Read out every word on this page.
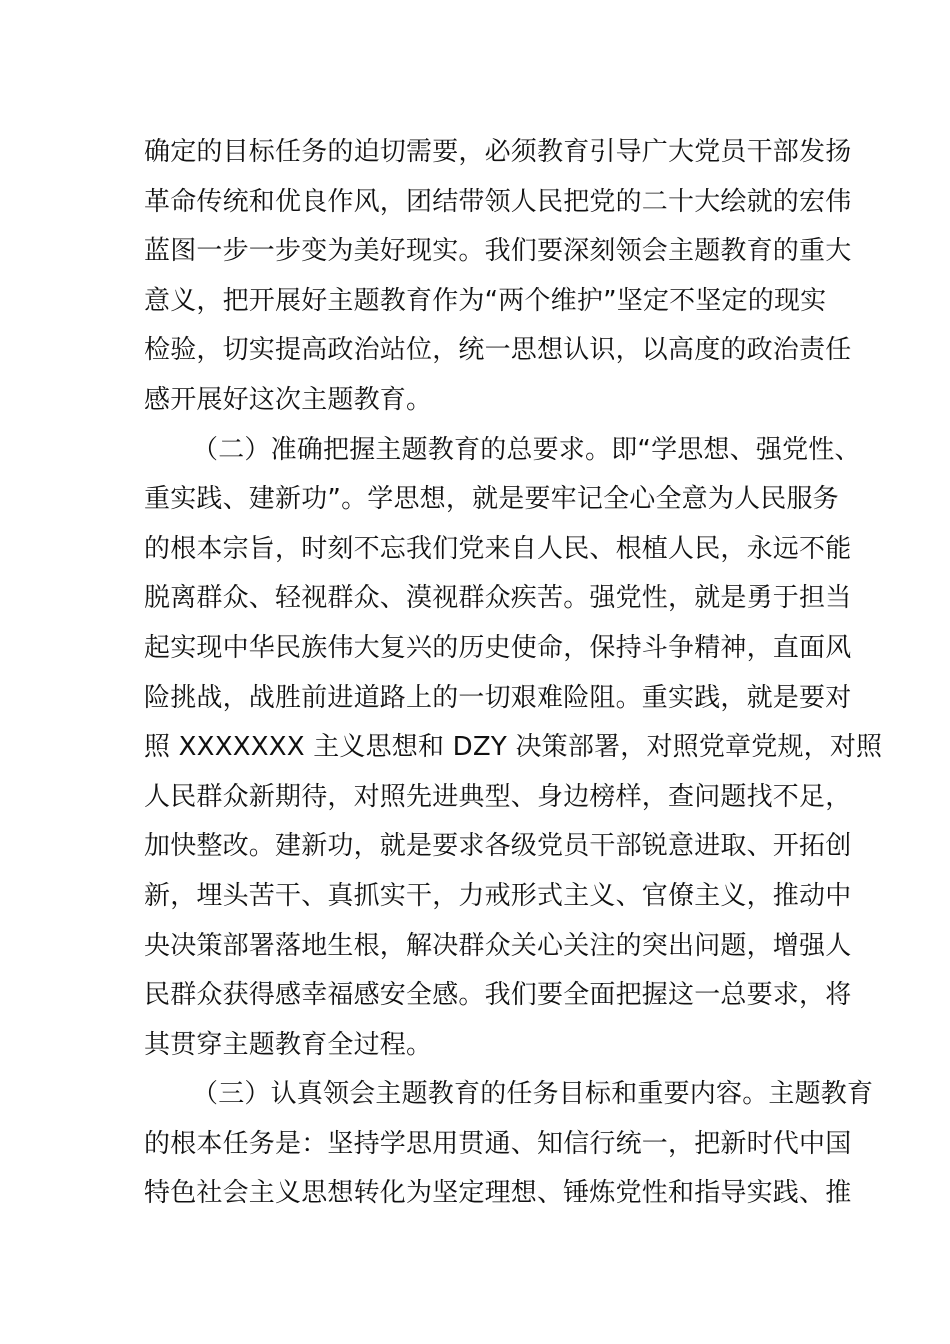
确定的目标任务的迫切需要，必须教育引导广大党员干部发扬
革命传统和优良作风，团结带领人民把党的二十大绘就的宏伟
蓝图一步一步变为美好现实。我们要深刻领会主题教育的重大
意义，把开展好主题教育作为“两个维护”坚定不坚定的现实
检验，切实提高政治站位，统一思想认识，以高度的政治责任
感开展好这次主题教育。
（二）准确把握主题教育的总要求。即“学思想、强党性、
重实践、建新功”。学思想，就是要牢记全心全意为人民服务
的根本宗旨，时刻不忘我们党来自人民、根植人民，永远不能
脱离群众、轻视群众、漠视群众疾苦。强党性，就是勇于担当
起实现中华民族伟大复兴的历史使命，保持斗争精神，直面风
险挑战，战胜前进道路上的一切艰难险阻。重实践，就是要对
照 XXXXXXX 主义思想和 DZY 决策部署，对照党章党规，对照
人民群众新期待，对照先进典型、身边榜样，查问题找不足，
加快整改。建新功，就是要求各级党员干部锐意进取、开拓创
新，埋头苦干、真抓实干，力戒形式主义、官僚主义，推动中
央决策部署落地生根，解决群众关心关注的突出问题，增强人
民群众获得感幸福感安全感。我们要全面把握这一总要求，将
其贯穿主题教育全过程。
（三）认真领会主题教育的任务目标和重要内容。主题教育
的根本任务是：坚持学思用贯通、知信行统一，把新时代中国
特色社会主义思想转化为坚定理想、锤炼党性和指导实践、推
